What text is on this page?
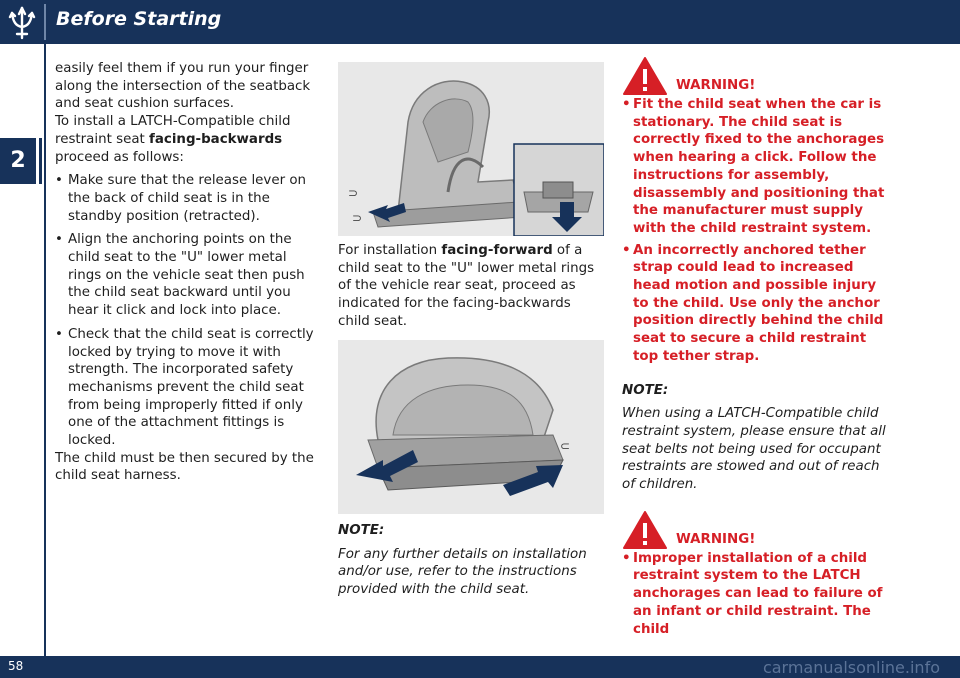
Before Starting
2

easily feel them if you run your finger along the intersection of the seatback and seat cushion surfaces.

To install a LATCH-Compatible child restraint seat facing-backwards proceed as follows:

• Make sure that the release lever on the back of child seat is in the standby position (retracted).
• Align the anchoring points on the child seat to the "U" lower metal rings on the vehicle seat then push the child seat backward until you hear it click and lock into place.
• Check that the child seat is correctly locked by trying to move it with strength. The incorporated safety mechanisms prevent the child seat from being improperly fitted if only one of the attachment fittings is locked.

The child must be then secured by the child seat harness.

⊃
⊃

For installation facing-forward of a child seat to the "U" lower metal rings of the vehicle rear seat, proceed as indicated for the facing-backwards child seat.

⊂

NOTE:

For any further details on installation and/or use, refer to the instructions provided with the child seat.

WARNING!
• Fit the child seat when the car is stationary. The child seat is correctly fixed to the anchorages when hearing a click. Follow the instructions for assembly, disassembly and positioning that the manufacturer must supply with the child restraint system.
• An incorrectly anchored tether strap could lead to increased head motion and possible injury to the child. Use only the anchor position directly behind the child seat to secure a child restraint top tether strap.

NOTE:

When using a LATCH-Compatible child restraint system, please ensure that all seat belts not being used for occupant restraints are stowed and out of reach of children.

WARNING!
• Improper installation of a child restraint system to the LATCH anchorages can lead to failure of an infant or child restraint. The child
58	carmanualsonline.info
